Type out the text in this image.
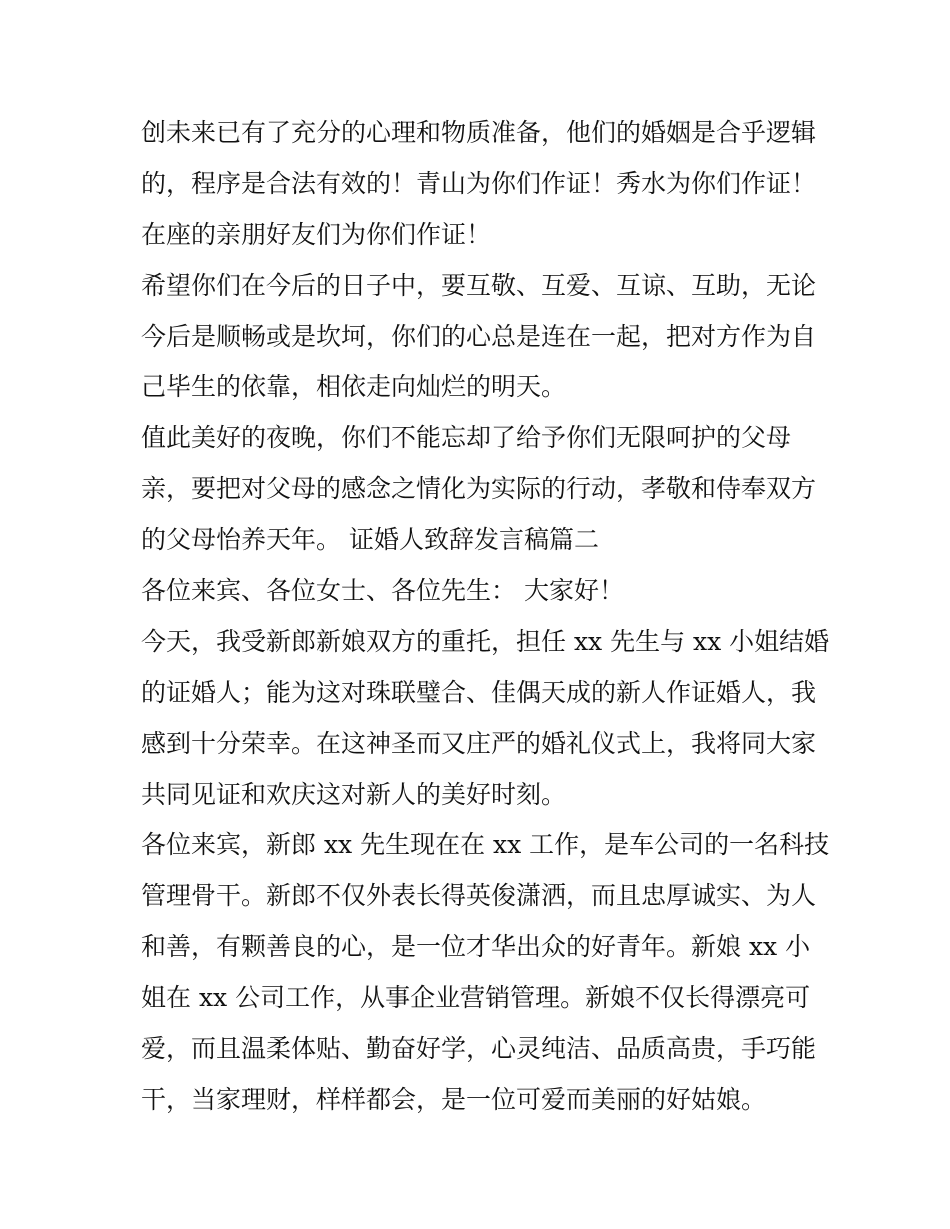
创未来已有了充分的心理和物质准备，他们的婚姻是合乎逻辑
的，程序是合法有效的！青山为你们作证！秀水为你们作证！
在座的亲朋好友们为你们作证！
希望你们在今后的日子中，要互敬、互爱、互谅、互助，无论
今后是顺畅或是坎坷，你们的心总是连在一起，把对方作为自
己毕生的依靠，相依走向灿烂的明天。
值此美好的夜晚，你们不能忘却了给予你们无限呵护的父母
亲，要把对父母的感念之情化为实际的行动，孝敬和侍奉双方
的父母怡养天年。 证婚人致辞发言稿篇二
各位来宾、各位女士、各位先生： 大家好！
今天，我受新郎新娘双方的重托，担任 xx 先生与 xx 小姐结婚
的证婚人；能为这对珠联璧合、佳偶天成的新人作证婚人，我
感到十分荣幸。在这神圣而又庄严的婚礼仪式上，我将同大家
共同见证和欢庆这对新人的美好时刻。
各位来宾，新郎 xx 先生现在在 xx 工作，是车公司的一名科技
管理骨干。新郎不仅外表长得英俊潇洒，而且忠厚诚实、为人
和善，有颗善良的心，是一位才华出众的好青年。新娘 xx 小
姐在 xx 公司工作，从事企业营销管理。新娘不仅长得漂亮可
爱，而且温柔体贴、勤奋好学，心灵纯洁、品质高贵，手巧能
干，当家理财，样样都会，是一位可爱而美丽的好姑娘。
